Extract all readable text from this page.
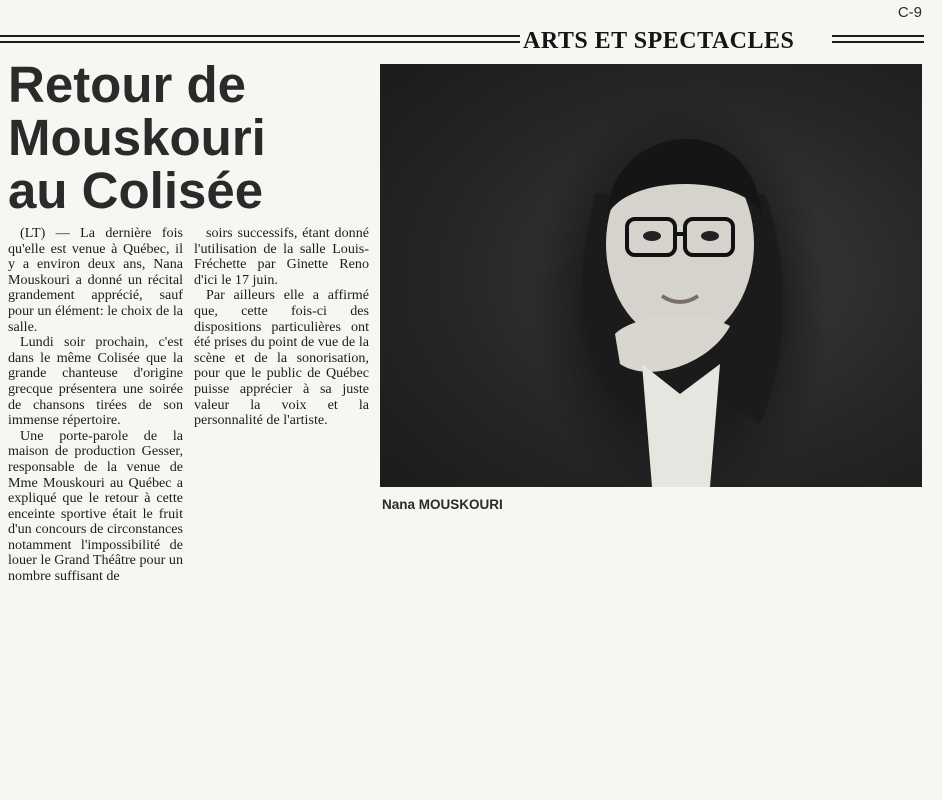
C-9
ARTS ET SPECTACLES
Retour de
Mouskouri
au Colisée

(LT) — La dernière fois qu'elle est venue à Québec, il y a environ deux ans, Nana Mouskouri a donné un récital grandement apprécié, sauf pour un élément: le choix de la salle.

Lundi soir prochain, c'est dans le même Colisée que la grande chanteuse d'origine grecque présentera une soirée de chansons tirées de son immense répertoire.

Une porte-parole de la maison de production Gesser, responsable de la venue de Mme Mouskouri au Québec a expliqué que le retour à cette enceinte sportive était le fruit d'un concours de circonstances notamment l'impossibilité de louer le Grand Théâtre pour un nombre suffisant de

soirs successifs, étant donné l'utilisation de la salle Louis-Fréchette par Ginette Reno d'ici le 17 juin.

Par ailleurs elle a affirmé que, cette fois-ci des dispositions particulières ont été prises du point de vue de la scène et de la sonorisation, pour que le public de Québec puisse apprécier à sa juste valeur la voix et la personnalité de l'artiste.

Nana MOUSKOURI
